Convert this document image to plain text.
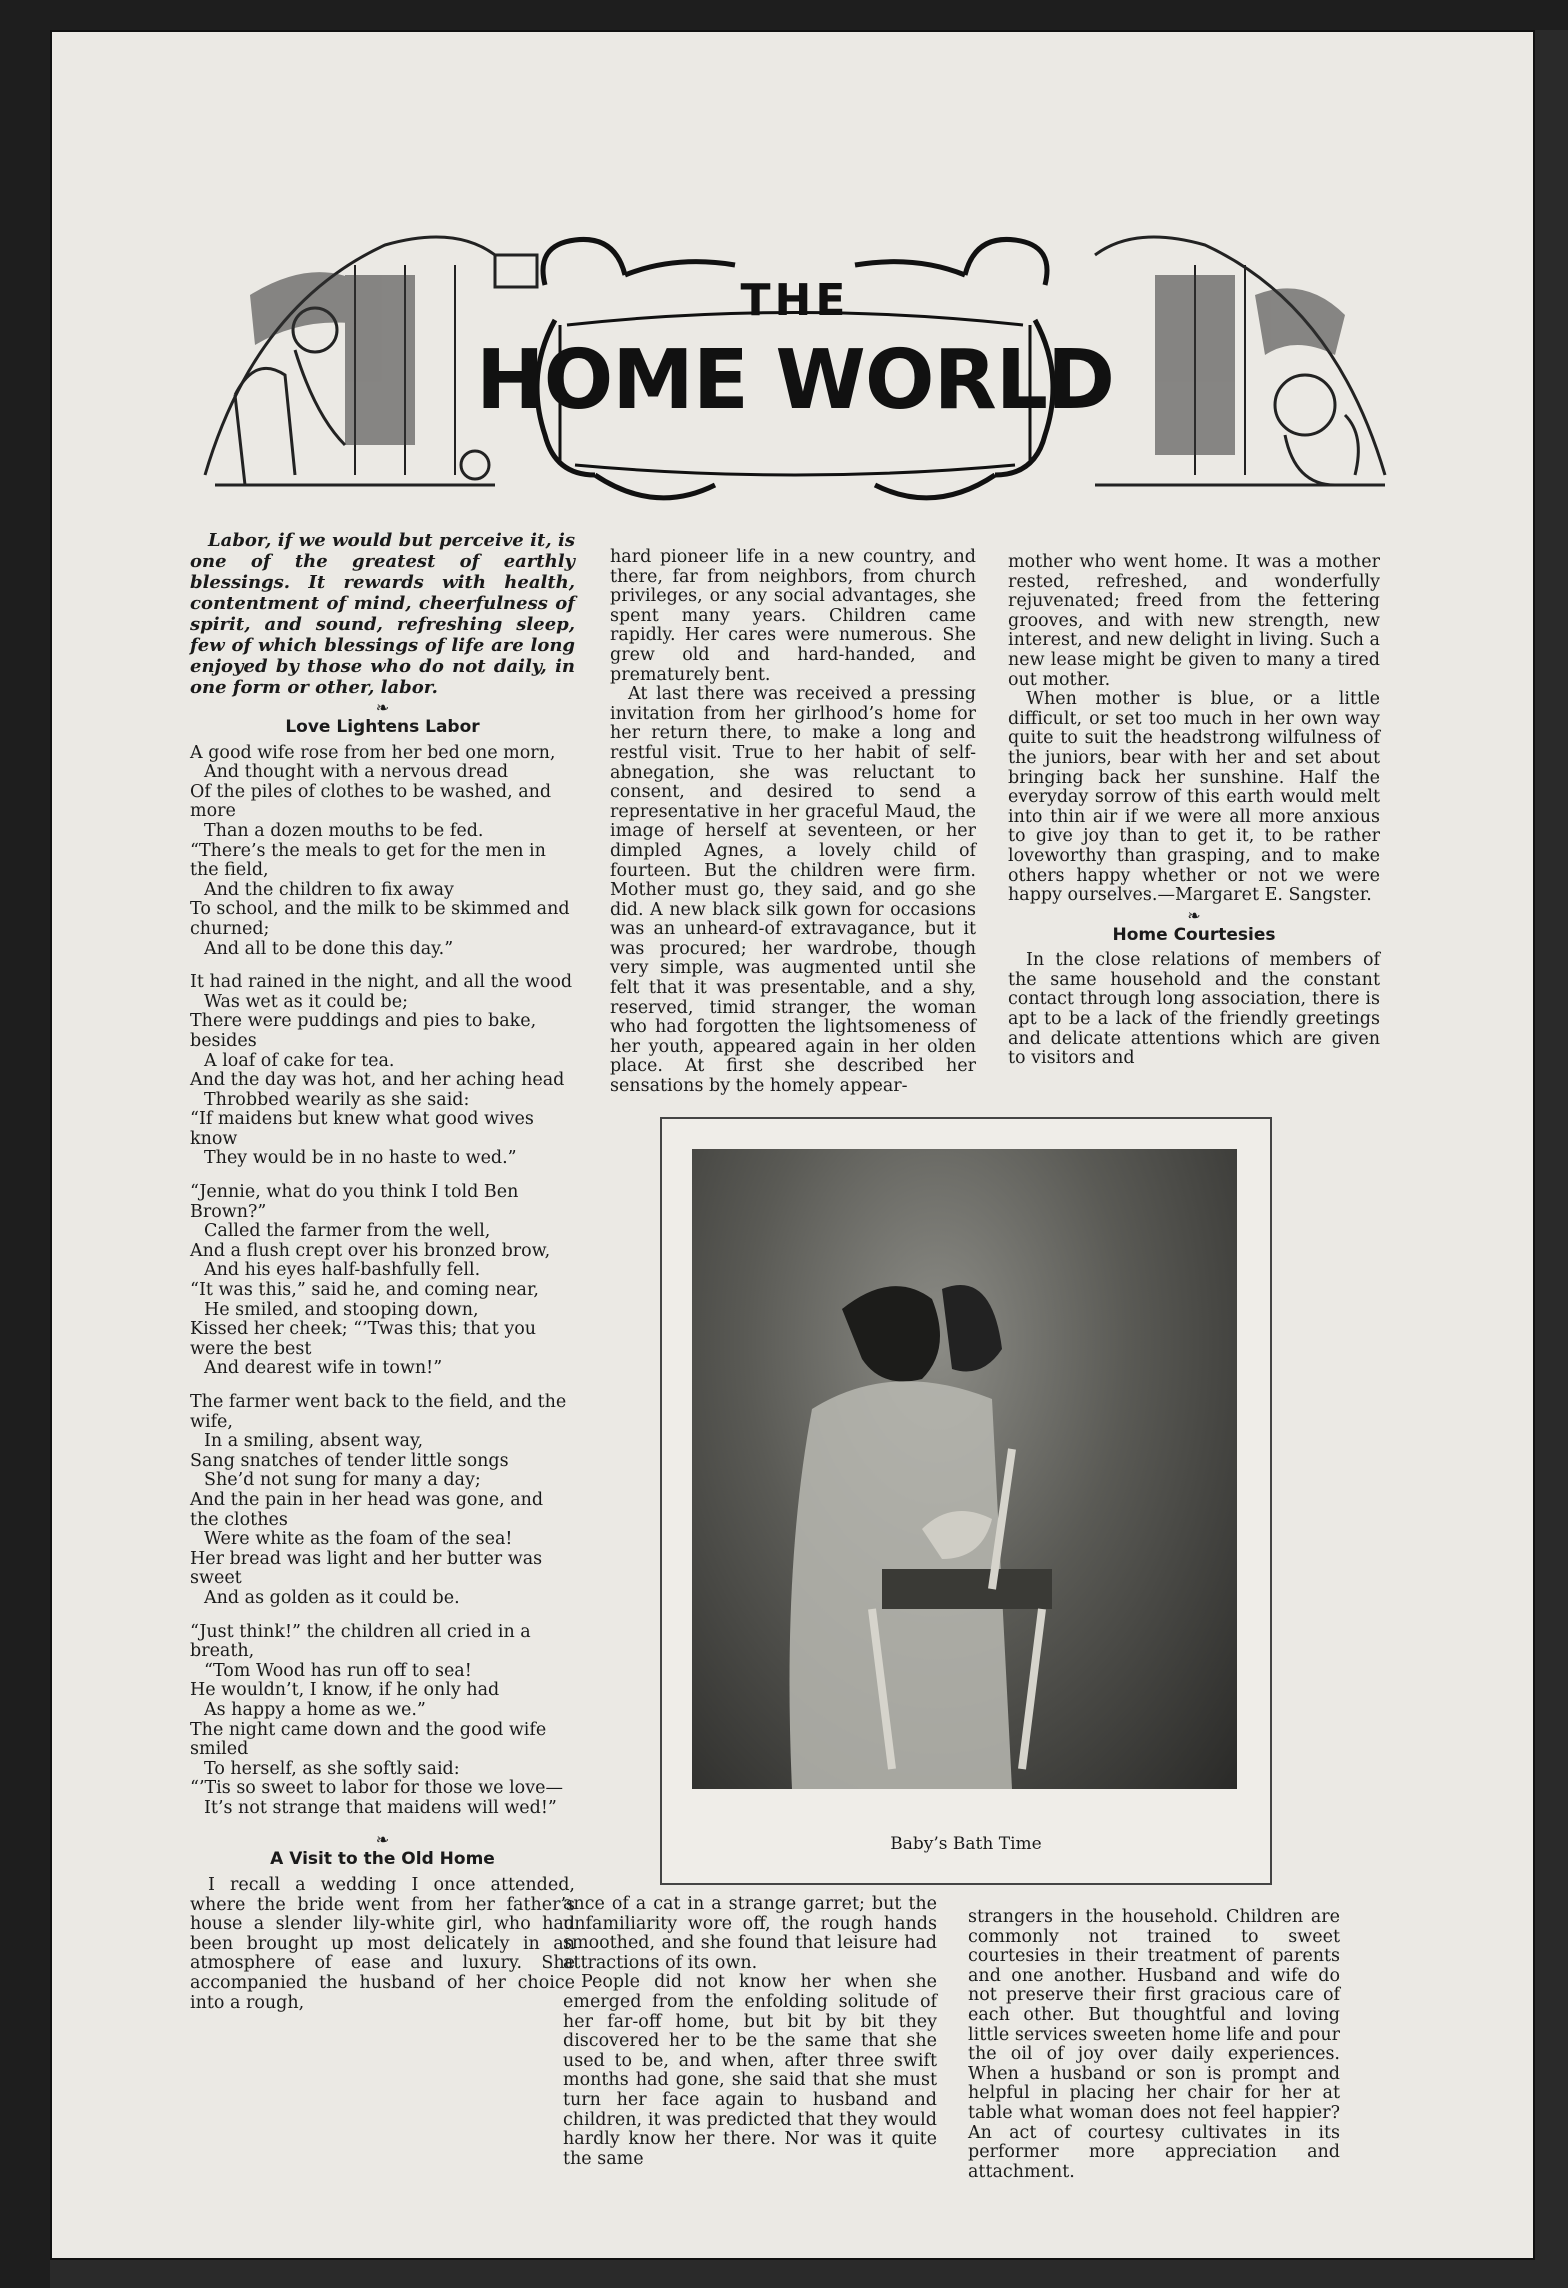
THE
HOME WORLD

Labor, if we would but perceive it, is one of the greatest of earthly blessings. It rewards with health, contentment of mind, cheerfulness of spirit, and sound, refreshing sleep, few of which blessings of life are long enjoyed by those who do not daily, in one form or other, labor.

❧
Love Lightens Labor
A good wife rose from her bed one morn,
And thought with a nervous dread
Of the piles of clothes to be washed, and more
Than a dozen mouths to be fed.
“There’s the meals to get for the men in the field,
And the children to fix away
To school, and the milk to be skimmed and churned;
And all to be done this day.”
It had rained in the night, and all the wood
Was wet as it could be;
There were puddings and pies to bake, besides
A loaf of cake for tea.
And the day was hot, and her aching head
Throbbed wearily as she said:
“If maidens but knew what good wives know
They would be in no haste to wed.”
“Jennie, what do you think I told Ben Brown?”
Called the farmer from the well,
And a flush crept over his bronzed brow,
And his eyes half-bashfully fell.
“It was this,” said he, and coming near,
He smiled, and stooping down,
Kissed her cheek; “’Twas this; that you were the best
And dearest wife in town!”
The farmer went back to the field, and the wife,
In a smiling, absent way,
Sang snatches of tender little songs
She’d not sung for many a day;
And the pain in her head was gone, and the clothes
Were white as the foam of the sea!
Her bread was light and her butter was sweet
And as golden as it could be.
“Just think!” the children all cried in a breath,
“Tom Wood has run off to sea!
He wouldn’t, I know, if he only had
As happy a home as we.”
The night came down and the good wife smiled
To herself, as she softly said:
“’Tis so sweet to labor for those we love—
It’s not strange that maidens will wed!”
❧
A Visit to the Old Home

I recall a wedding I once attended, where the bride went from her father’s house a slender lily-white girl, who had been brought up most delicately in an atmosphere of ease and luxury. She accompanied the husband of her choice into a rough,

hard pioneer life in a new country, and there, far from neighbors, from church privileges, or any social advantages, she spent many years. Children came rapidly. Her cares were numerous. She grew old and hard-handed, and prematurely bent.

At last there was received a pressing invitation from her girlhood’s home for her return there, to make a long and restful visit. True to her habit of self-abnegation, she was reluctant to consent, and desired to send a representative in her graceful Maud, the image of herself at seventeen, or her dimpled Agnes, a lovely child of fourteen. But the children were firm. Mother must go, they said, and go she did. A new black silk gown for occasions was an unheard-of extravagance, but it was procured; her wardrobe, though very simple, was augmented until she felt that it was presentable, and a shy, reserved, timid stranger, the woman who had forgotten the lightsomeness of her youth, appeared again in her olden place. At first she described her sensations by the homely appear-

mother who went home. It was a mother rested, refreshed, and wonderfully rejuvenated; freed from the fettering grooves, and with new strength, new interest, and new delight in living. Such a new lease might be given to many a tired out mother.

When mother is blue, or a little difficult, or set too much in her own way quite to suit the headstrong wilfulness of the juniors, bear with her and set about bringing back her sunshine. Half the everyday sorrow of this earth would melt into thin air if we were all more anxious to give joy than to get it, to be rather loveworthy than grasping, and to make others happy whether or not we were happy ourselves.—Margaret E. Sangster.

❧
Home Courtesies

In the close relations of members of the same household and the constant contact through long association, there is apt to be a lack of the friendly greetings and delicate attentions which are given to visitors and

Baby’s Bath Time

ance of a cat in a strange garret; but the unfamiliarity wore off, the rough hands smoothed, and she found that leisure had attractions of its own.

People did not know her when she emerged from the enfolding solitude of her far-off home, but bit by bit they discovered her to be the same that she used to be, and when, after three swift months had gone, she said that she must turn her face again to husband and children, it was predicted that they would hardly know her there. Nor was it quite the same

strangers in the household. Children are commonly not trained to sweet courtesies in their treatment of parents and one another. Husband and wife do not preserve their first gracious care of each other. But thoughtful and loving little services sweeten home life and pour the oil of joy over daily experiences. When a husband or son is prompt and helpful in placing her chair for her at table what woman does not feel happier? An act of courtesy cultivates in its performer more appreciation and attachment.
